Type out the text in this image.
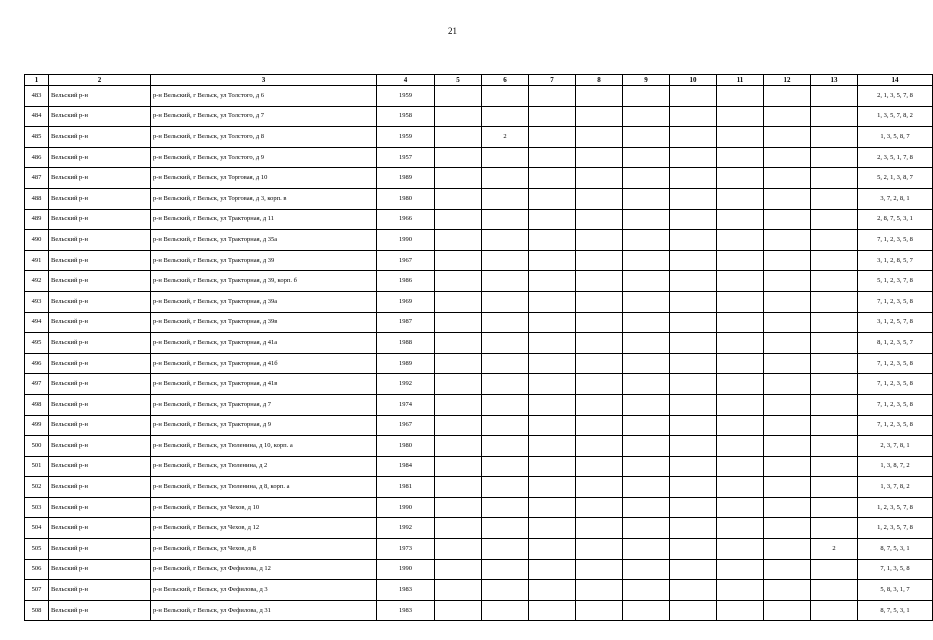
21
1	2	3	4	5	6	7	8	9	10	11	12	13	14
483	Вельский р-н	р-н Вельский, г Вельск, ул Толстого, д 6	1959										2, 1, 3, 5, 7, 8
484	Вельский р-н	р-н Вельский, г Вельск, ул Толстого, д 7	1958										1, 3, 5, 7, 8, 2
485	Вельский р-н	р-н Вельский, г Вельск, ул Толстого, д 8	1959		2								1, 3, 5, 8, 7
486	Вельский р-н	р-н Вельский, г Вельск, ул Толстого, д 9	1957										2, 3, 5, 1, 7, 8
487	Вельский р-н	р-н Вельский, г Вельск, ул Торговая, д 10	1989										5, 2, 1, 3, 8, 7
488	Вельский р-н	р-н Вельский, г Вельск, ул Торговая, д 3, корп. в	1980										3, 7, 2, 8, 1
489	Вельский р-н	р-н Вельский, г Вельск, ул Тракторная, д 11	1966										2, 8, 7, 5, 3, 1
490	Вельский р-н	р-н Вельский, г Вельск, ул Тракторная, д 35а	1990										7, 1, 2, 3, 5, 8
491	Вельский р-н	р-н Вельский, г Вельск, ул Тракторная, д 39	1967										3, 1, 2, 8, 5, 7
492	Вельский р-н	р-н Вельский, г Вельск, ул Тракторная, д 39, корп. б	1986										5, 1, 2, 3, 7, 8
493	Вельский р-н	р-н Вельский, г Вельск, ул Тракторная, д 39а	1969										7, 1, 2, 3, 5, 8
494	Вельский р-н	р-н Вельский, г Вельск, ул Тракторная, д 39в	1987										3, 1, 2, 5, 7, 8
495	Вельский р-н	р-н Вельский, г Вельск, ул Тракторная, д 41а	1988										8, 1, 2, 3, 5, 7
496	Вельский р-н	р-н Вельский, г Вельск, ул Тракторная, д 41б	1989										7, 1, 2, 3, 5, 8
497	Вельский р-н	р-н Вельский, г Вельск, ул Тракторная, д 41в	1992										7, 1, 2, 3, 5, 8
498	Вельский р-н	р-н Вельский, г Вельск, ул Тракторная, д 7	1974										7, 1, 2, 3, 5, 8
499	Вельский р-н	р-н Вельский, г Вельск, ул Тракторная, д 9	1967										7, 1, 2, 3, 5, 8
500	Вельский р-н	р-н Вельский, г Вельск, ул Тюленина, д 10, корп. а	1980										2, 3, 7, 8, 1
501	Вельский р-н	р-н Вельский, г Вельск, ул Тюленина, д 2	1984										1, 3, 8, 7, 2
502	Вельский р-н	р-н Вельский, г Вельск, ул Тюленина, д 8, корп. а	1981										1, 3, 7, 8, 2
503	Вельский р-н	р-н Вельский, г Вельск, ул Чехов, д 10	1990										1, 2, 3, 5, 7, 8
504	Вельский р-н	р-н Вельский, г Вельск, ул Чехов, д 12	1992										1, 2, 3, 5, 7, 8
505	Вельский р-н	р-н Вельский, г Вельск, ул Чехов, д 8	1973									2	8, 7, 5, 3, 1
506	Вельский р-н	р-н Вельский, г Вельск, ул Фефилова, д 12	1990										7, 1, 3, 5, 8
507	Вельский р-н	р-н Вельский, г Вельск, ул Фефилова, д 3	1983										5, 8, 3, 1, 7
508	Вельский р-н	р-н Вельский, г Вельск, ул Фефилова, д 31	1983										8, 7, 5, 3, 1
